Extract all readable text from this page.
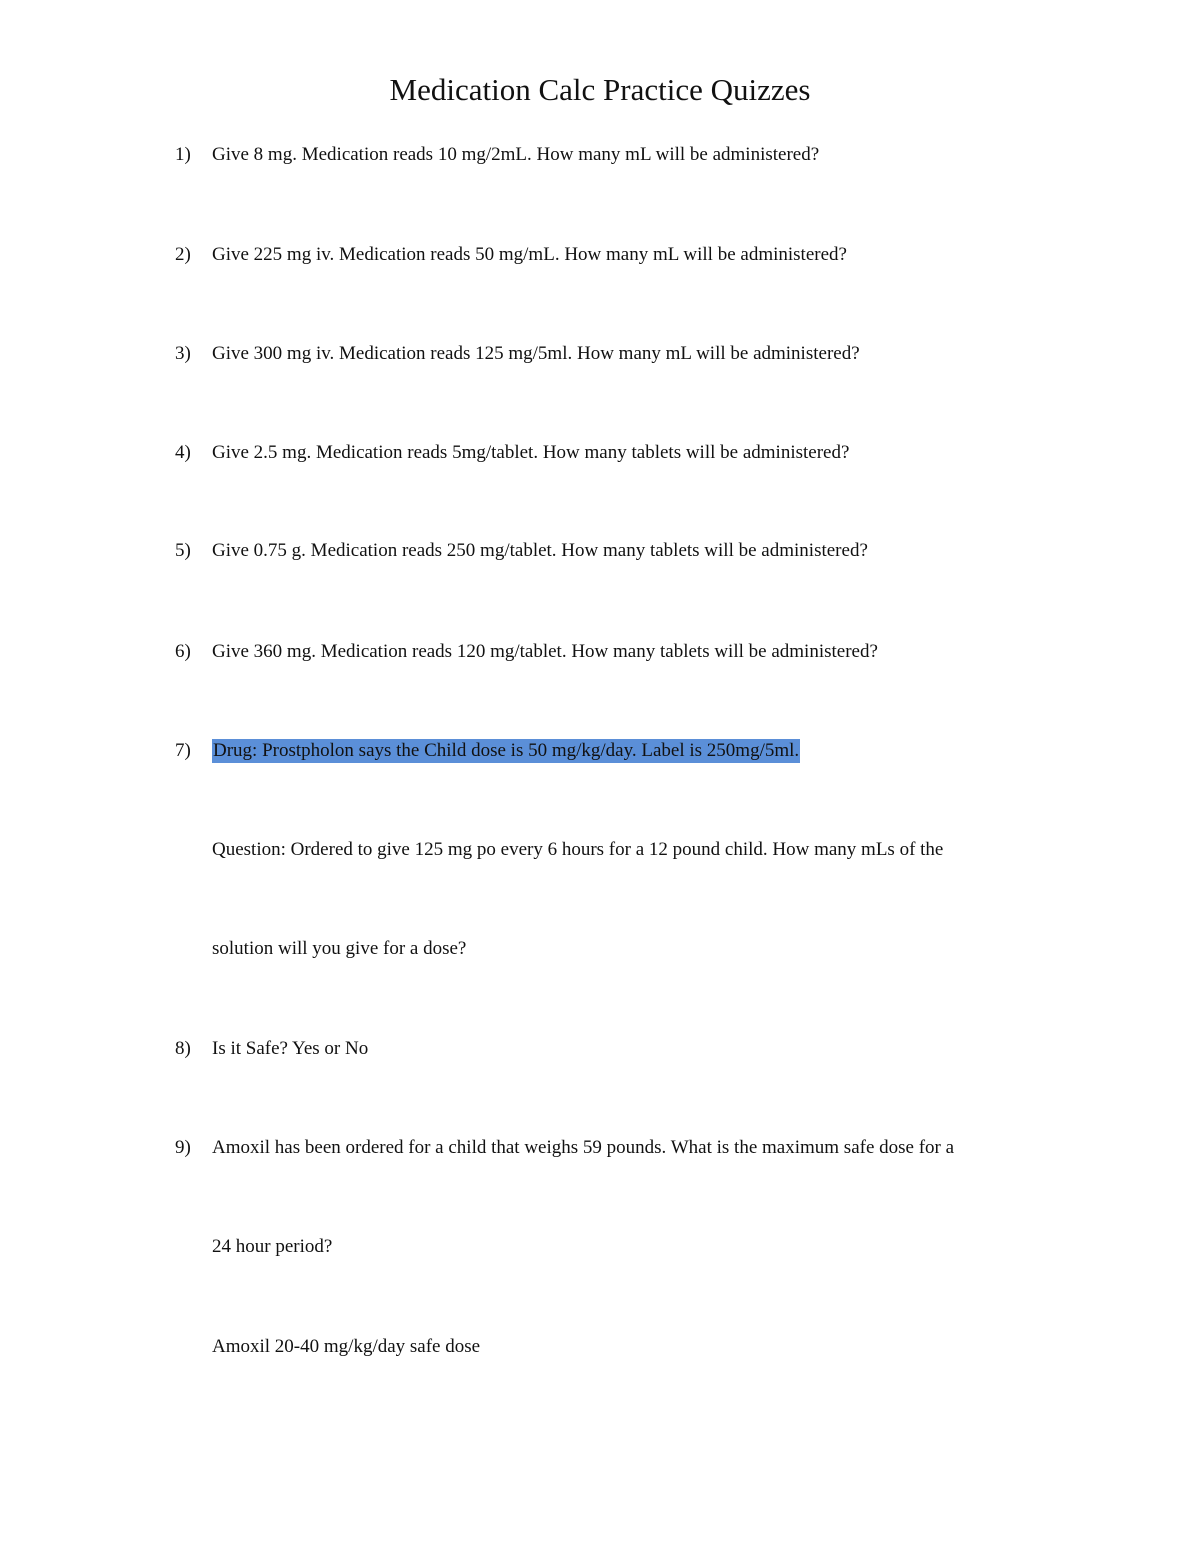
Medication Calc Practice Quizzes
1) Give 8 mg. Medication reads 10 mg/2mL. How many mL will be administered?
2) Give 225 mg iv. Medication reads 50 mg/mL. How many mL will be administered?
3) Give 300 mg iv. Medication reads 125 mg/5ml. How many mL will be administered?
4) Give 2.5 mg. Medication reads 5mg/tablet. How many tablets will be administered?
5) Give 0.75 g. Medication reads 250 mg/tablet. How many tablets will be administered?
6) Give 360 mg. Medication reads 120 mg/tablet. How many tablets will be administered?
7) Drug: Prostpholon says the Child dose is 50 mg/kg/day. Label is 250mg/5ml.
Question: Ordered to give 125 mg po every 6 hours for a 12 pound child. How many mLs of the
solution will you give for a dose?
8) Is it Safe? Yes or No
9) Amoxil has been ordered for a child that weighs 59 pounds. What is the maximum safe dose for a
24 hour period?
Amoxil 20-40 mg/kg/day safe dose
